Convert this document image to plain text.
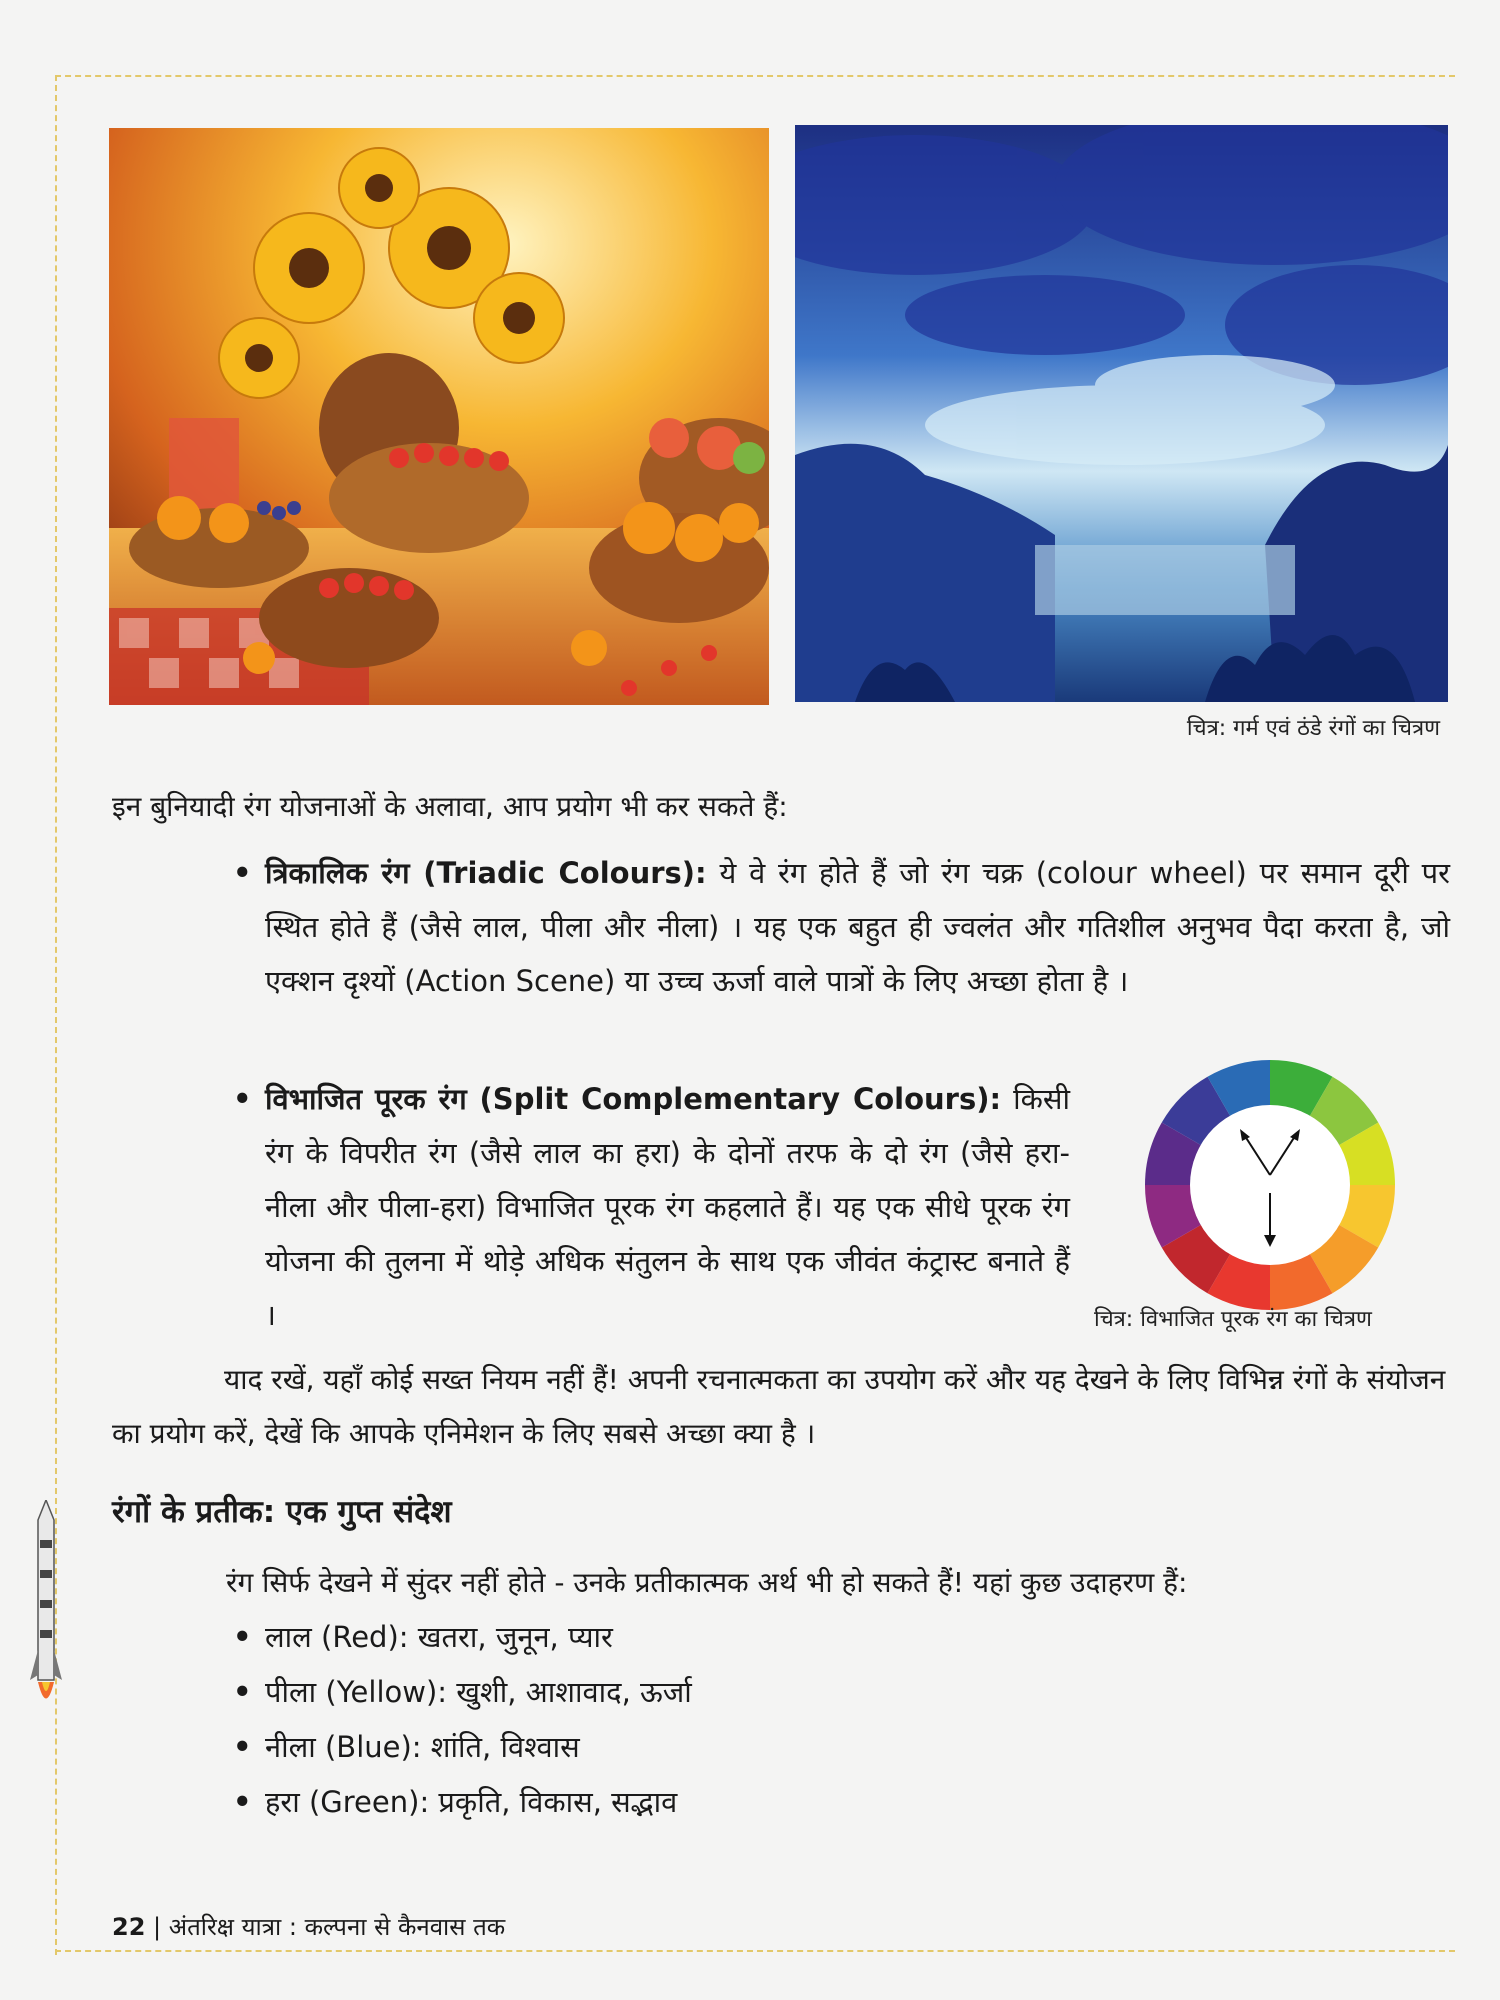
चित्र: गर्म एवं ठंडे रंगों का चित्रण
इन बुनियादी रंग योजनाओं के अलावा, आप प्रयोग भी कर सकते हैं:
• त्रिकालिक रंग (Triadic Colours): ये वे रंग होते हैं जो रंग चक्र (colour wheel) पर समान दूरी पर स्थित होते हैं (जैसे लाल, पीला और नीला) । यह एक बहुत ही ज्वलंत और गतिशील अनुभव पैदा करता है, जो एक्शन दृश्यों (Action Scene) या उच्च ऊर्जा वाले पात्रों के लिए अच्छा होता है ।
• विभाजित पूरक रंग (Split Complementary Colours): किसी रंग के विपरीत रंग (जैसे लाल का हरा) के दोनों तरफ के दो रंग (जैसे हरा-नीला और पीला-हरा) विभाजित पूरक रंग कहलाते हैं। यह एक सीधे पूरक रंग योजना की तुलना में थोड़े अधिक संतुलन के साथ एक जीवंत कंट्रास्ट बनाते हैं ।	चित्र: विभाजित पूरक रंग का चित्रण
याद रखें, यहाँ कोई सख्त नियम नहीं हैं! अपनी रचनात्मकता का उपयोग करें और यह देखने के लिए विभिन्न रंगों के संयोजन का प्रयोग करें, देखें कि आपके एनिमेशन के लिए सबसे अच्छा क्या है ।
रंगों के प्रतीक: एक गुप्त संदेश
रंग सिर्फ देखने में सुंदर नहीं होते - उनके प्रतीकात्मक अर्थ भी हो सकते हैं! यहां कुछ उदाहरण हैं:
• लाल (Red): खतरा, जुनून, प्यार
• पीला (Yellow): खुशी, आशावाद, ऊर्जा
• नीला (Blue): शांति, विश्वास
• हरा (Green): प्रकृति, विकास, सद्भाव
22 | अंतरिक्ष यात्रा : कल्पना से कैनवास तक
